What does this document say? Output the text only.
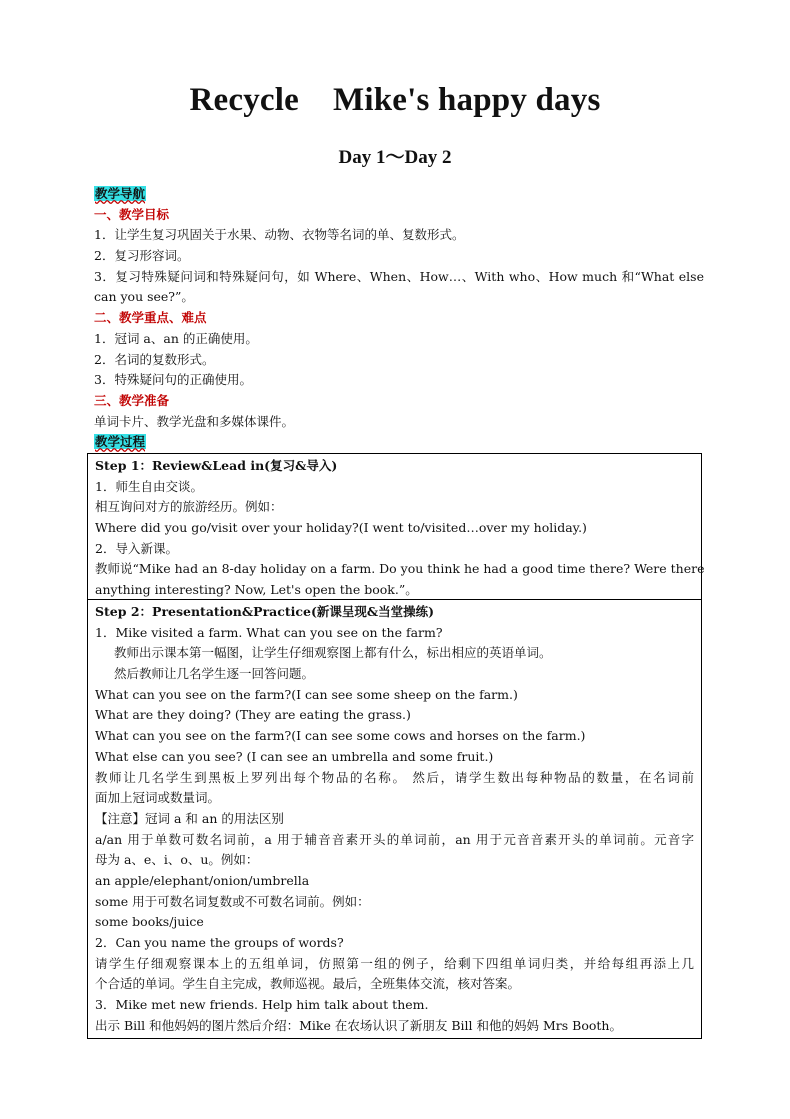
Recycle Mike's happy days
Day 1～Day 2
教学导航
一、教学目标
1．让学生复习巩固关于水果、动物、衣物等名词的单、复数形式。
2．复习形容词。
3．复习特殊疑问词和特殊疑问句，如 Where、When、How…、With who、How much 和“What else
can you see?”。
二、教学重点、难点
1．冠词 a、an 的正确使用。
2．名词的复数形式。
3．特殊疑问句的正确使用。
三、教学准备
单词卡片、教学光盘和多媒体课件。
教学过程
Step 1：Review&Lead in(复习&导入)
1．师生自由交谈。
相互询问对方的旅游经历。例如：
Where did you go/visit over your holiday?(I went to/visited…over my holiday.)
2．导入新课。
教师说“Mike had an 8-day holiday on a farm. Do you think he had a good time there? Were there
anything interesting? Now, Let's open the book.”。
Step 2：Presentation&Practice(新课呈现&当堂操练)
1．Mike visited a farm. What can you see on the farm?
教师出示课本第一幅图，让学生仔细观察图上都有什么，标出相应的英语单词。
然后教师让几名学生逐一回答问题。
What can you see on the farm?(I can see some sheep on the farm.)
What are they doing? (They are eating the grass.)
What can you see on the farm?(I can see some cows and horses on the farm.)
What else can you see? (I can see an umbrella and some fruit.)
教师让几名学生到黑板上罗列出每个物品的名称。 然后，请学生数出每种物品的数量，在名词前
面加上冠词或数量词。
【注意】冠词 a 和 an 的用法区别
a/an 用于单数可数名词前，a 用于辅音音素开头的单词前，an 用于元音音素开头的单词前。元音字
母为 a、e、i、o、u。例如：
an apple/elephant/onion/umbrella
some 用于可数名词复数或不可数名词前。例如：
some books/juice
2．Can you name the groups of words?
请学生仔细观察课本上的五组单词，仿照第一组的例子，给剩下四组单词归类，并给每组再添上几
个合适的单词。学生自主完成，教师巡视。最后，全班集体交流，核对答案。
3．Mike met new friends. Help him talk about them.
出示 Bill 和他妈妈的图片然后介绍：Mike 在农场认识了新朋友 Bill 和他的妈妈 Mrs Booth。
